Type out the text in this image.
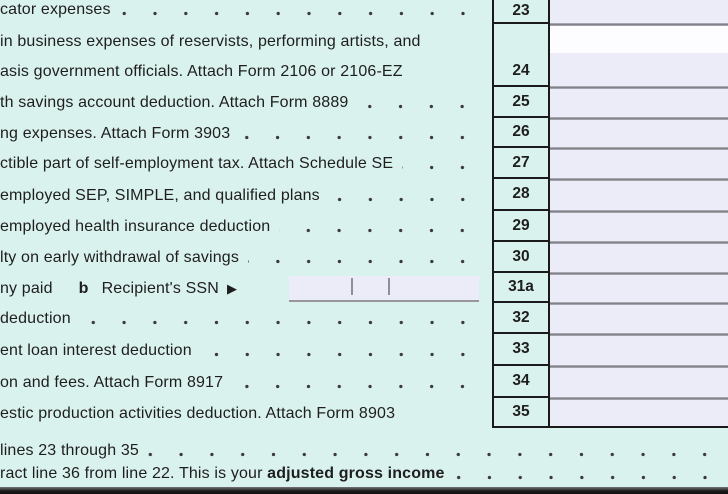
cator expenses
in business expenses of reservists, performing artists, and
asis government officials. Attach Form 2106 or 2106-EZ
th savings account deduction. Attach Form 8889
ng expenses. Attach Form 3903
ctible part of self-employment tax. Attach Schedule SE
employed SEP, SIMPLE, and qualified plans
employed health insurance deduction
lty on early withdrawal of savings
ny paid b Recipient's SSN ▶
deduction
ent loan interest deduction
on and fees. Attach Form 8917
estic production activities deduction. Attach Form 8903
23
24
25
26
27
28
29
30
31a
32
33
34
35
lines 23 through 35
ract line 36 from line 22. This is your adjusted gross income
